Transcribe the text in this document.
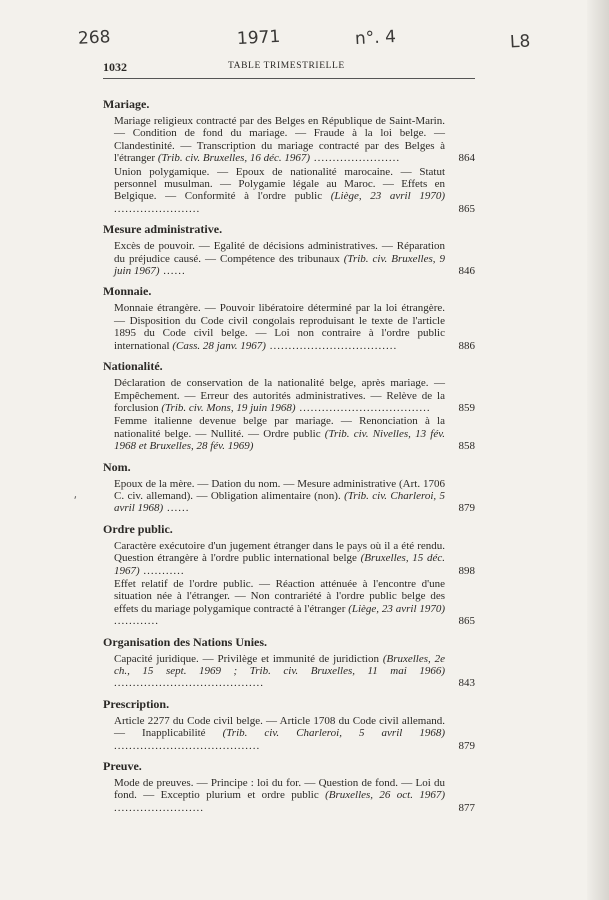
268	1971	n°. 4	L8
1032	TABLE TRIMESTRIELLE
⸴
Mariage.
Mariage religieux contracté par des Belges en République de Saint-Marin. — Condition de fond du mariage. — Fraude à la loi belge. — Clandestinité. — Transcription du mariage contracté par des Belges à l'étranger (Trib. civ. Bruxelles, 16 déc. 1967) .......................	864
Union polygamique. — Epoux de nationalité marocaine. — Statut personnel musulman. — Polygamie légale au Maroc. — Effets en Belgique. — Conformité à l'ordre public (Liège, 23 avril 1970) .......................	865
Mesure administrative.
Excès de pouvoir. — Egalité de décisions administratives. — Réparation du préjudice causé. — Compétence des tribunaux (Trib. civ. Bruxelles, 9 juin 1967) ......	846
Monnaie.
Monnaie étrangère. — Pouvoir libératoire déterminé par la loi étrangère. — Disposition du Code civil congolais reproduisant le texte de l'article 1895 du Code civil belge. — Loi non contraire à l'ordre public international (Cass. 28 janv. 1967) ..................................	886
Nationalité.
Déclaration de conservation de la nationalité belge, après mariage. — Empêchement. — Erreur des autorités administratives. — Relève de la forclusion (Trib. civ. Mons, 19 juin 1968) ...................................	859
Femme italienne devenue belge par mariage. — Renonciation à la nationalité belge. — Nullité. — Ordre public (Trib. civ. Nivelles, 13 fév. 1968 et Bruxelles, 28 fév. 1969)	858
Nom.
Epoux de la mère. — Dation du nom. — Mesure administrative (Art. 1706 C. civ. allemand). — Obligation alimentaire (non). (Trib. civ. Charleroi, 5 avril 1968) ......	879
Ordre public.
Caractère exécutoire d'un jugement étranger dans le pays où il a été rendu. Question étrangère à l'ordre public international belge (Bruxelles, 15 déc. 1967) ...........	898
Effet relatif de l'ordre public. — Réaction atténuée à l'encontre d'une situation née à l'étranger. — Non contrariété à l'ordre public belge des effets du mariage polygamique contracté à l'étranger (Liège, 23 avril 1970) ............	865
Organisation des Nations Unies.
Capacité juridique. — Privilège et immunité de juridiction (Bruxelles, 2e ch., 15 sept. 1969 ; Trib. civ. Bruxelles, 11 mai 1966) ........................................	843
Prescription.
Article 2277 du Code civil belge. — Article 1708 du Code civil allemand. — Inapplicabilité (Trib. civ. Charleroi, 5 avril 1968) .......................................	879
Preuve.
Mode de preuves. — Principe : loi du for. — Question de fond. — Loi du fond. — Exceptio plurium et ordre public (Bruxelles, 26 oct. 1967) ........................	877
